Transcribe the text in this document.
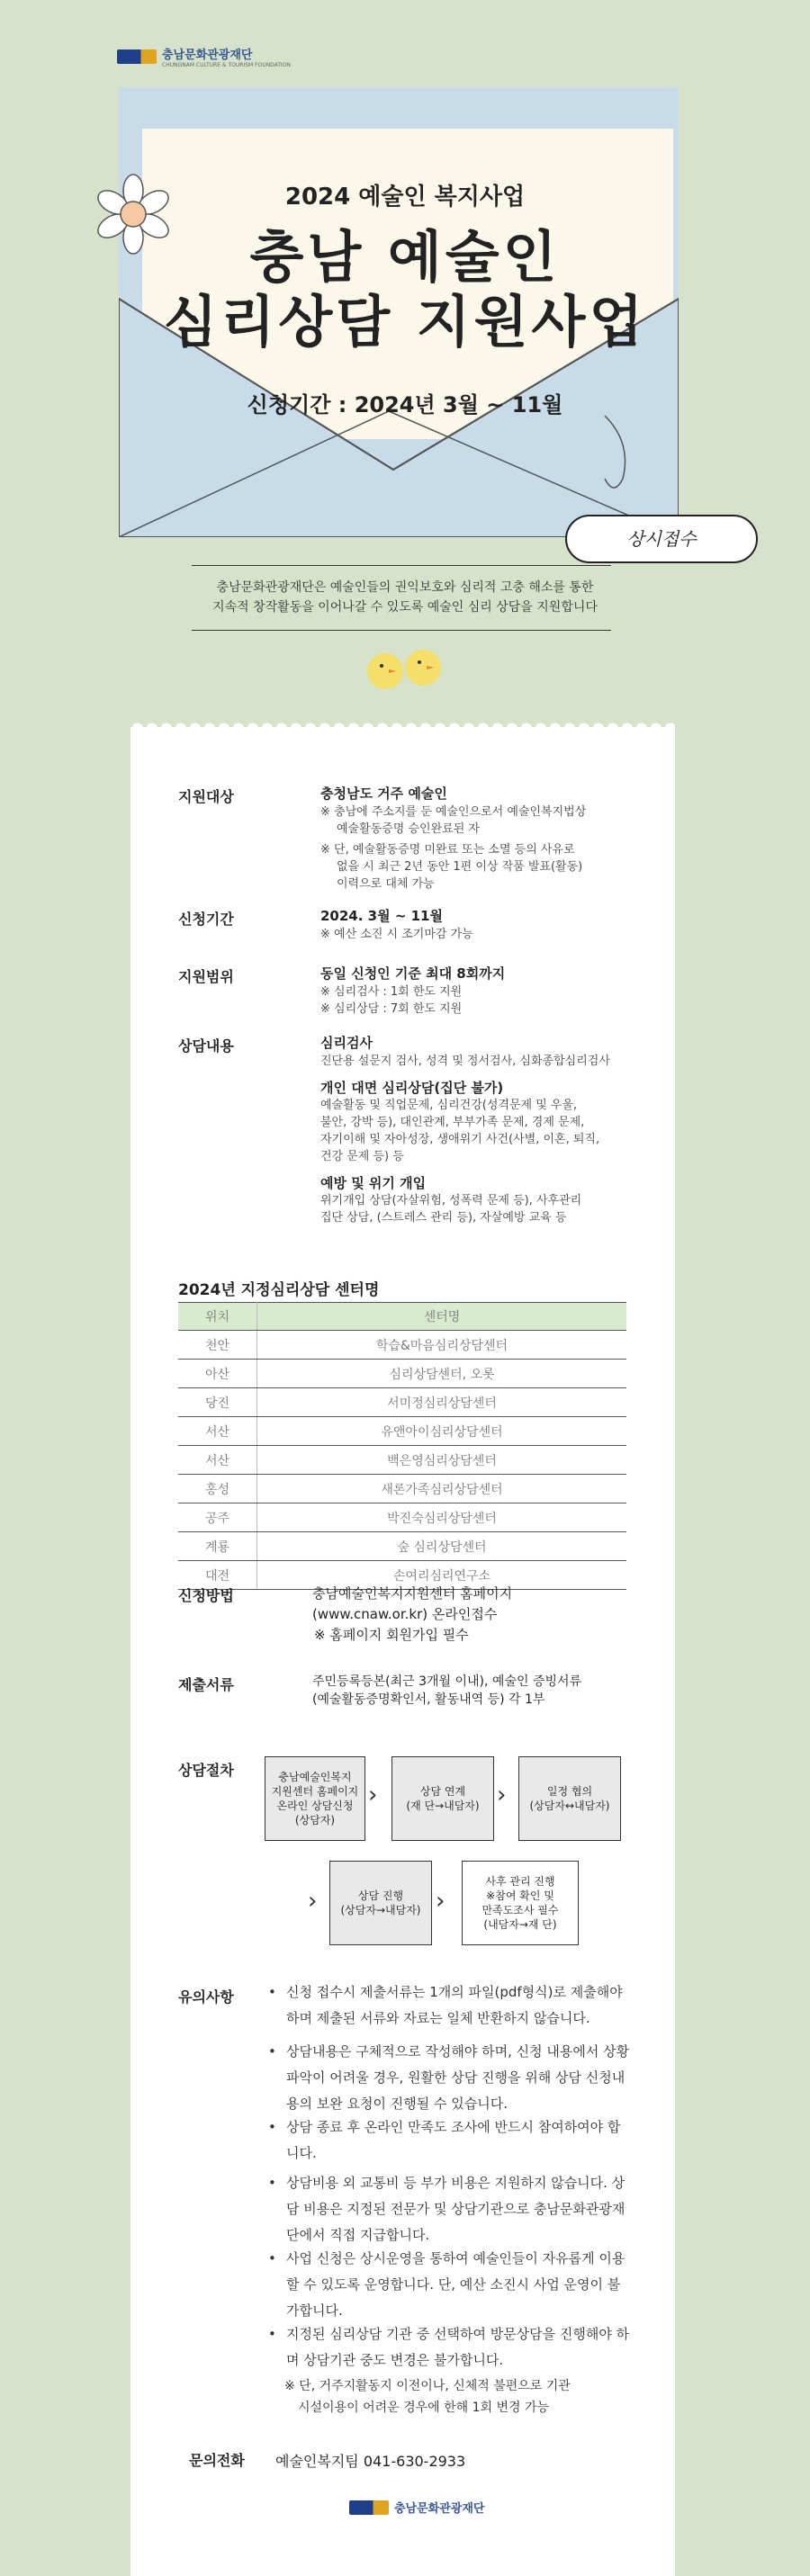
충남문화관광재단
CHUNGNAM CULTURE & TOURISM FOUNDATION
2024 예술인 복지사업
충남 예술인
심리상담 지원사업
신청기간 : 2024년 3월 ~ 11월
상시접수
충남문화관광재단은 예술인들의 권익보호와 심리적 고충 해소를 통한
지속적 창작활동을 이어나갈 수 있도록 예술인 심리 상담을 지원합니다
지원대상	충청남도 거주 예술인
※ 충남에 주소지를 둔 예술인으로서 예술인복지법상
예술활동증명 승인완료된 자
※ 단, 예술활동증명 미완료 또는 소멸 등의 사유로
없을 시 최근 2년 동안 1편 이상 작품 발표(활동)
이력으로 대체 가능
신청기간	2024. 3월 ~ 11월
※ 예산 소진 시 조기마감 가능
지원범위	동일 신청인 기준 최대 8회까지
※ 심리검사 : 1회 한도 지원
※ 심리상담 : 7회 한도 지원
상담내용	심리검사
진단용 설문지 검사, 성격 및 정서검사, 심화종합심리검사
개인 대면 심리상담(집단 불가)
예술활동 및 직업문제, 심리건강(성격문제 및 우울,
불안, 강박 등), 대인관계, 부부가족 문제, 경제 문제,
자기이해 및 자아성장, 생애위기 사건(사별, 이혼, 퇴직,
건강 문제 등) 등
예방 및 위기 개입
위기개입 상담(자살위험, 성폭력 문제 등), 사후관리
집단 상담, (스트레스 관리 등), 자살예방 교육 등
2024년 지정심리상담 센터명
위치	센터명
천안	학습&마음심리상담센터
아산	심리상담센터, 오롯
당진	서미정심리상담센터
서산	유앤아이심리상담센터
서산	백은영심리상담센터
홍성	새론가족심리상담센터
공주	박진숙심리상담센터
계룡	숲 심리상담센터
대전	손여리심리연구소
신청방법	충남예술인복지지원센터 홈페이지
(www.cnaw.or.kr) 온라인접수
※ 홈페이지 회원가입 필수
제출서류	주민등록등본(최근 3개월 이내), 예술인 증빙서류
(예술활동증명확인서, 활동내역 등) 각 1부
상담절차	충남예술인복지
지원센터 홈페이지
온라인 상담신청
(상담자)
›	상담 연계
(재 단→내담자) ›	일정 협의
(상담자↔내담자)
›	상담 진행
(상담자→내담자) ›
사후 관리 진행
※참여 확인 및
만족도조사 필수
(내담자→재 단)
유의사항	• 신청 접수시 제출서류는 1개의 파일(pdf형식)로 제출해야하며 제출된 서류와 자료는 일체 반환하지 않습니다.
• 상담내용은 구체적으로 작성해야 하며, 신청 내용에서 상황파악이 어려울 경우, 원활한 상담 진행을 위해 상담 신청내용의 보완 요청이 진행될 수 있습니다.
• 상담 종료 후 온라인 만족도 조사에 반드시 참여하여야 합니다.
• 상담비용 외 교통비 등 부가 비용은 지원하지 않습니다. 상담 비용은 지정된 전문가 및 상담기관으로 충남문화관광재단에서 직접 지급합니다.
• 사업 신청은 상시운영을 통하여 예술인들이 자유롭게 이용할 수 있도록 운영합니다. 단, 예산 소진시 사업 운영이 불가합니다.
• 지정된 심리상담 기관 중 선택하여 방문상담을 진행해야 하며 상담기관 중도 변경은 불가합니다.
※ 단, 거주지활동지 이전이나, 신체적 불편으로 기관
시설이용이 어려운 경우에 한해 1회 변경 가능
문의전화 예술인복지팀 041-630-2933
충남문화관광재단
